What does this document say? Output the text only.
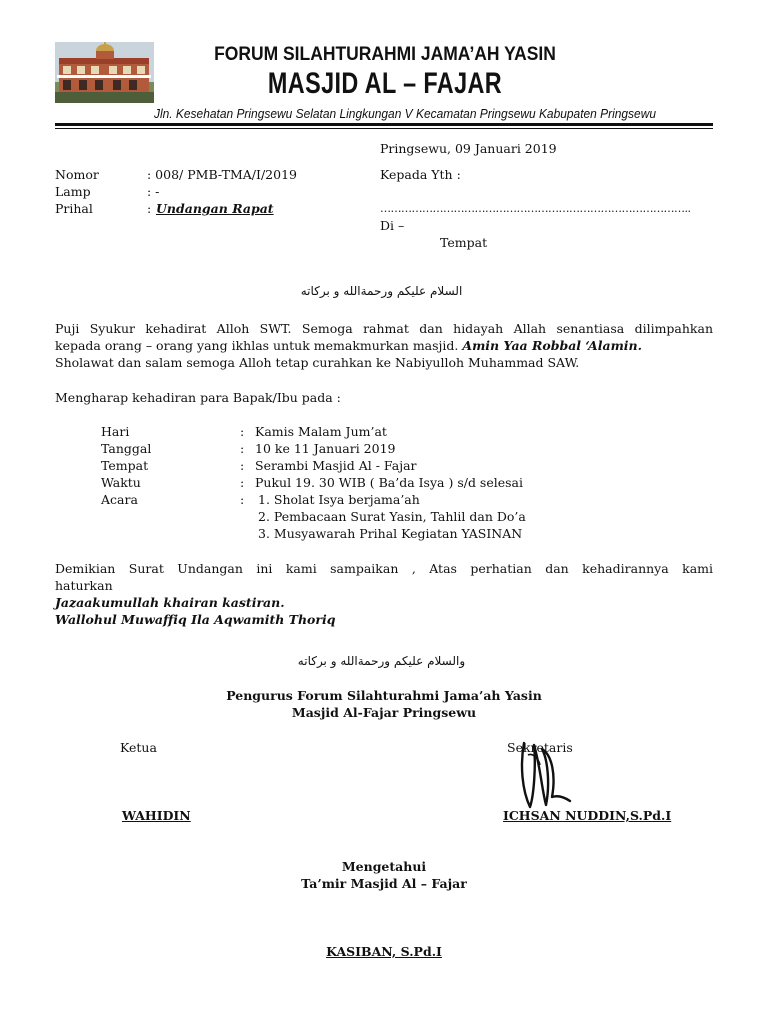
FORUM SILAHTURAHMI JAMA’AH YASIN
MASJID AL – FAJAR
Jln. Kesehatan Pringsewu Selatan Lingkungan V Kecamatan Pringsewu Kabupaten Pringsewu
Pringsewu, 09 Januari 2019
Nomor	: 008/ PMB-TMA/I/2019
Lamp	: -
Prihal	: Undangan Rapat
Kepada Yth :
……………………………………………………………………………..
Di –
Tempat
السلام عليكم ورحمةالله و بركاته
Puji Syukur kehadirat Alloh SWT. Semoga rahmat dan hidayah Allah senantiasa dilimpahkan
kepada orang – orang yang ikhlas untuk memakmurkan masjid. Amin Yaa Robbal ‘Alamin.
Sholawat dan salam semoga Alloh tetap curahkan ke Nabiyulloh Muhammad SAW.
Mengharap kehadiran para Bapak/Ibu pada :
Hari	: Kamis Malam Jum’at
Tanggal	: 10 ke 11 Januari 2019
Tempat	: Serambi Masjid Al - Fajar
Waktu	: Pukul 19. 30 WIB ( Ba’da Isya ) s/d selesai
Acara	: 1. Sholat Isya berjama’ah
2. Pembacaan Surat Yasin, Tahlil dan Do’a
3. Musyawarah Prihal Kegiatan YASINAN
Demikian Surat Undangan ini kami sampaikan , Atas perhatian dan kehadirannya kami
haturkan
Jazaakumullah khairan kastiran.
Wallohul Muwaffiq Ila Aqwamith Thoriq
والسلام عليكم ورحمةالله و بركاته
Pengurus Forum Silahturahmi Jama’ah Yasin
Masjid Al-Fajar Pringsewu
Ketua	Sekretaris
WAHIDIN	ICHSAN NUDDIN,S.Pd.I
Mengetahui
Ta’mir Masjid Al – Fajar
KASIBAN, S.Pd.I
